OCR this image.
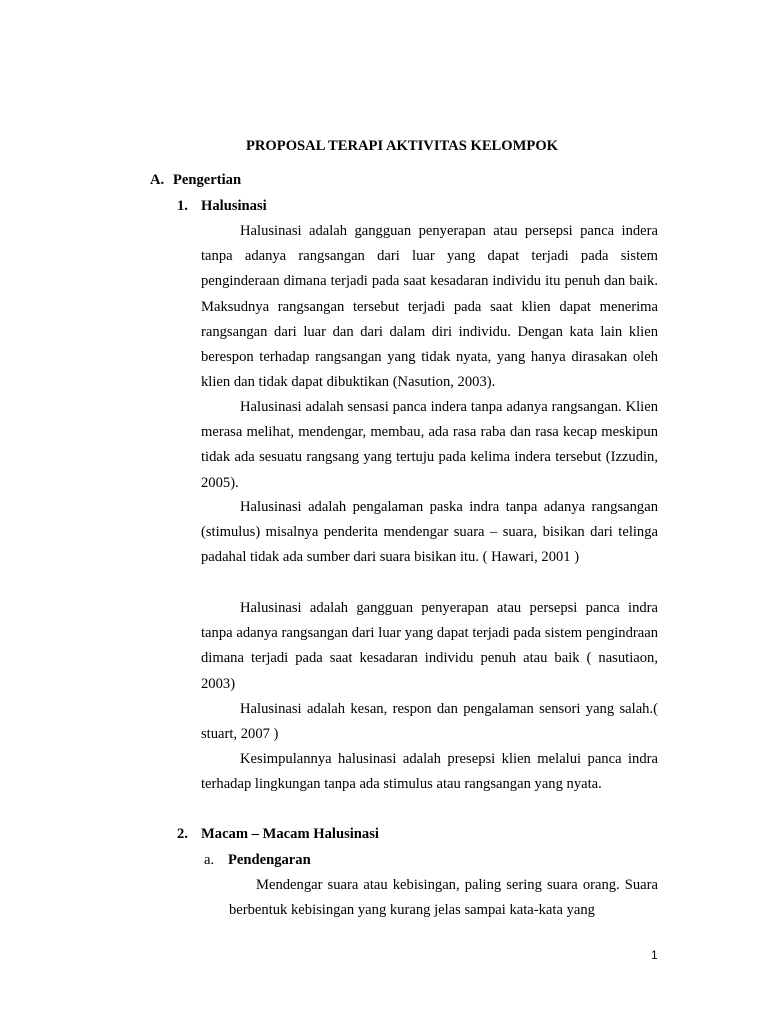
PROPOSAL TERAPI AKTIVITAS KELOMPOK
A. Pengertian
1. Halusinasi

Halusinasi adalah gangguan penyerapan atau persepsi panca indera tanpa adanya rangsangan dari luar yang dapat terjadi pada sistem penginderaan dimana terjadi pada saat kesadaran individu itu penuh dan baik. Maksudnya rangsangan tersebut terjadi pada saat klien dapat menerima rangsangan dari luar dan dari dalam diri individu. Dengan kata lain klien berespon terhadap rangsangan yang tidak nyata, yang hanya dirasakan oleh klien dan tidak dapat dibuktikan (Nasution, 2003).

Halusinasi adalah sensasi panca indera tanpa adanya rangsangan. Klien merasa melihat, mendengar, membau, ada rasa raba dan rasa kecap meskipun tidak ada sesuatu rangsang yang tertuju pada kelima indera tersebut (Izzudin, 2005).

Halusinasi adalah pengalaman paska indra tanpa adanya rangsangan (stimulus) misalnya penderita mendengar suara – suara, bisikan dari telinga padahal tidak ada sumber dari suara bisikan itu. ( Hawari, 2001 )

Halusinasi adalah gangguan penyerapan atau persepsi panca indra tanpa adanya rangsangan dari luar yang dapat terjadi pada sistem pengindraan dimana terjadi pada saat kesadaran individu penuh atau baik ( nasutiaon, 2003)

Halusinasi adalah kesan, respon dan pengalaman sensori yang salah.( stuart, 2007 )

Kesimpulannya halusinasi adalah presepsi klien melalui panca indra terhadap lingkungan tanpa ada stimulus atau rangsangan yang nyata.

2. Macam – Macam Halusinasi
a. Pendengaran

Mendengar suara atau kebisingan, paling sering suara orang. Suara berbentuk kebisingan yang kurang jelas sampai kata-kata yang

1
